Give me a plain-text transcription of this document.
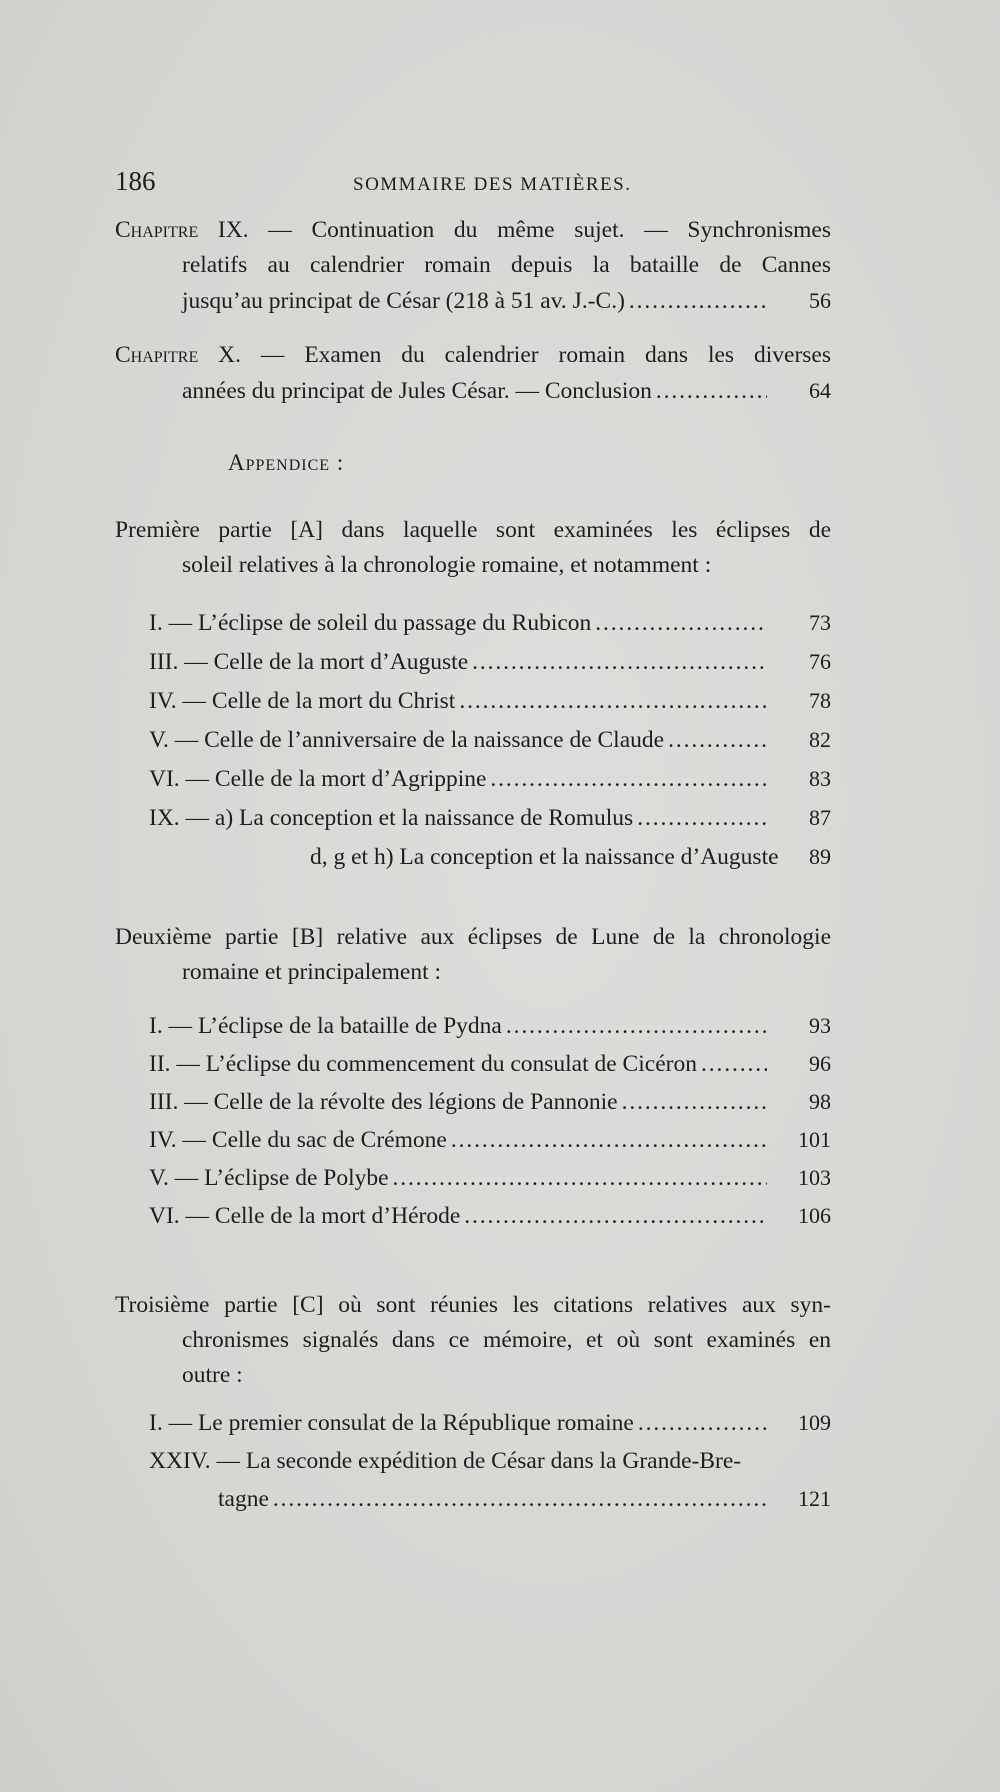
186	SOMMAIRE DES MATIÈRES.
Chapitre IX. — Continuation du même sujet. — Synchronismes
relatifs au calendrier romain depuis la bataille de Cannes
jusqu’au principat de César (218 à 51 av. J.-C.) . . .	56
Chapitre X. — Examen du calendrier romain dans les diverses
années du principat de Jules César. — Conclusion . . .	64
Appendice :
Première partie [A] dans laquelle sont examinées les éclipses de
soleil relatives à la chronologie romaine, et notamment :
I. — L’éclipse de soleil du passage du Rubicon . . .	73
III. — Celle de la mort d’Auguste . . .	76
IV. — Celle de la mort du Christ . . .	78
V. — Celle de l’anniversaire de la naissance de Claude . . .	82
VI. — Celle de la mort d’Agrippine . . .	83
IX. — a) La conception et la naissance de Romulus . . .	87
d, g et h) La conception et la naissance d’Auguste	89
Deuxième partie [B] relative aux éclipses de Lune de la chronologie
romaine et principalement :
I. — L’éclipse de la bataille de Pydna . . .	93
II. — L’éclipse du commencement du consulat de Cicéron . . .	96
III. — Celle de la révolte des légions de Pannonie . . .	98
IV. — Celle du sac de Crémone . . .	101
V. — L’éclipse de Polybe . . .	103
VI. — Celle de la mort d’Hérode . . .	106
Troisième partie [C] où sont réunies les citations relatives aux syn-
chronismes signalés dans ce mémoire, et où sont examinés en
outre :
I. — Le premier consulat de la République romaine . . .	109
XXIV. — La seconde expédition de César dans la Grande-Bre-
tagne . . .	121
